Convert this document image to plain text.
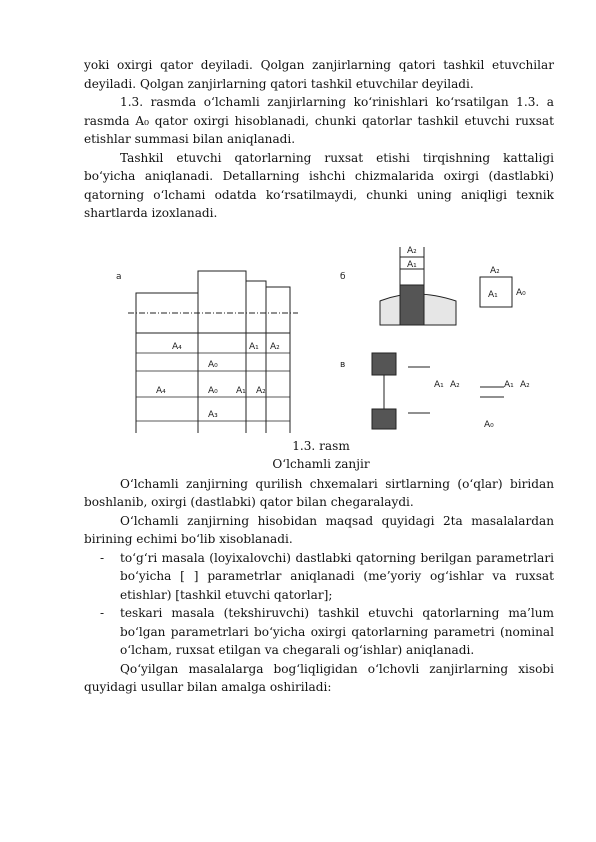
yoki oxirgi qator deyiladi. Qolgan zanjirlarning qatori tashkil etuvchilar deyiladi. Qolgan zanjirlarning qatori tashkil etuvchilar deyiladi.

1.3. rasmda o‘lchamli zanjirlarning ko‘rinishlari ko‘rsatilgan 1.3. a rasmda A₀ qator oxirgi hisoblanadi, chunki qatorlar tashkil etuvchi ruxsat etishlar summasi bilan aniqlanadi.

Tashkil etuvchi qatorlarning ruxsat etishi tirqishning kattaligi bo‘yicha aniqlanadi. Detallarning ishchi chizmalarida oxirgi (dastlabki) qatorning o‘lchami odatda ko‘rsatilmaydi, chunki uning aniqligi texnik shartlarda izoxlanadi.

a
A₄	A₁ A₂
A₀
A₄	A₀ A₁ A₂
A₃
б
A₂
A₁
A₂
A₁ A₀
в
A₁ A₂
A₀
A₁ A₂
1.3. rasm
O‘lchamli zanjir

O‘lchamli zanjirning qurilish chxemalari sirtlarning (o‘qlar) biridan boshlanib, oxirgi (dastlabki) qator bilan chegaralaydi.

O‘lchamli zanjirning hisobidan maqsad quyidagi 2ta masalalardan birining echimi bo‘lib xisoblanadi.

- to‘g‘ri masala (loyixalovchi) dastlabki qatorning berilgan parametrlari bo‘yicha [ ] parametrlar aniqlanadi (me’yoriy og‘ishlar va ruxsat etishlar) [tashkil etuvchi qatorlar];
- teskari masala (tekshiruvchi) tashkil etuvchi qatorlarning ma’lum bo‘lgan parametrlari bo‘yicha oxirgi qatorlarning parametri (nominal o‘lcham, ruxsat etilgan va chegarali og‘ishlar) aniqlanadi.

Qo‘yilgan masalalarga bog‘liqligidan o‘lchovli zanjirlarning xisobi quyidagi usullar bilan amalga oshiriladi:
